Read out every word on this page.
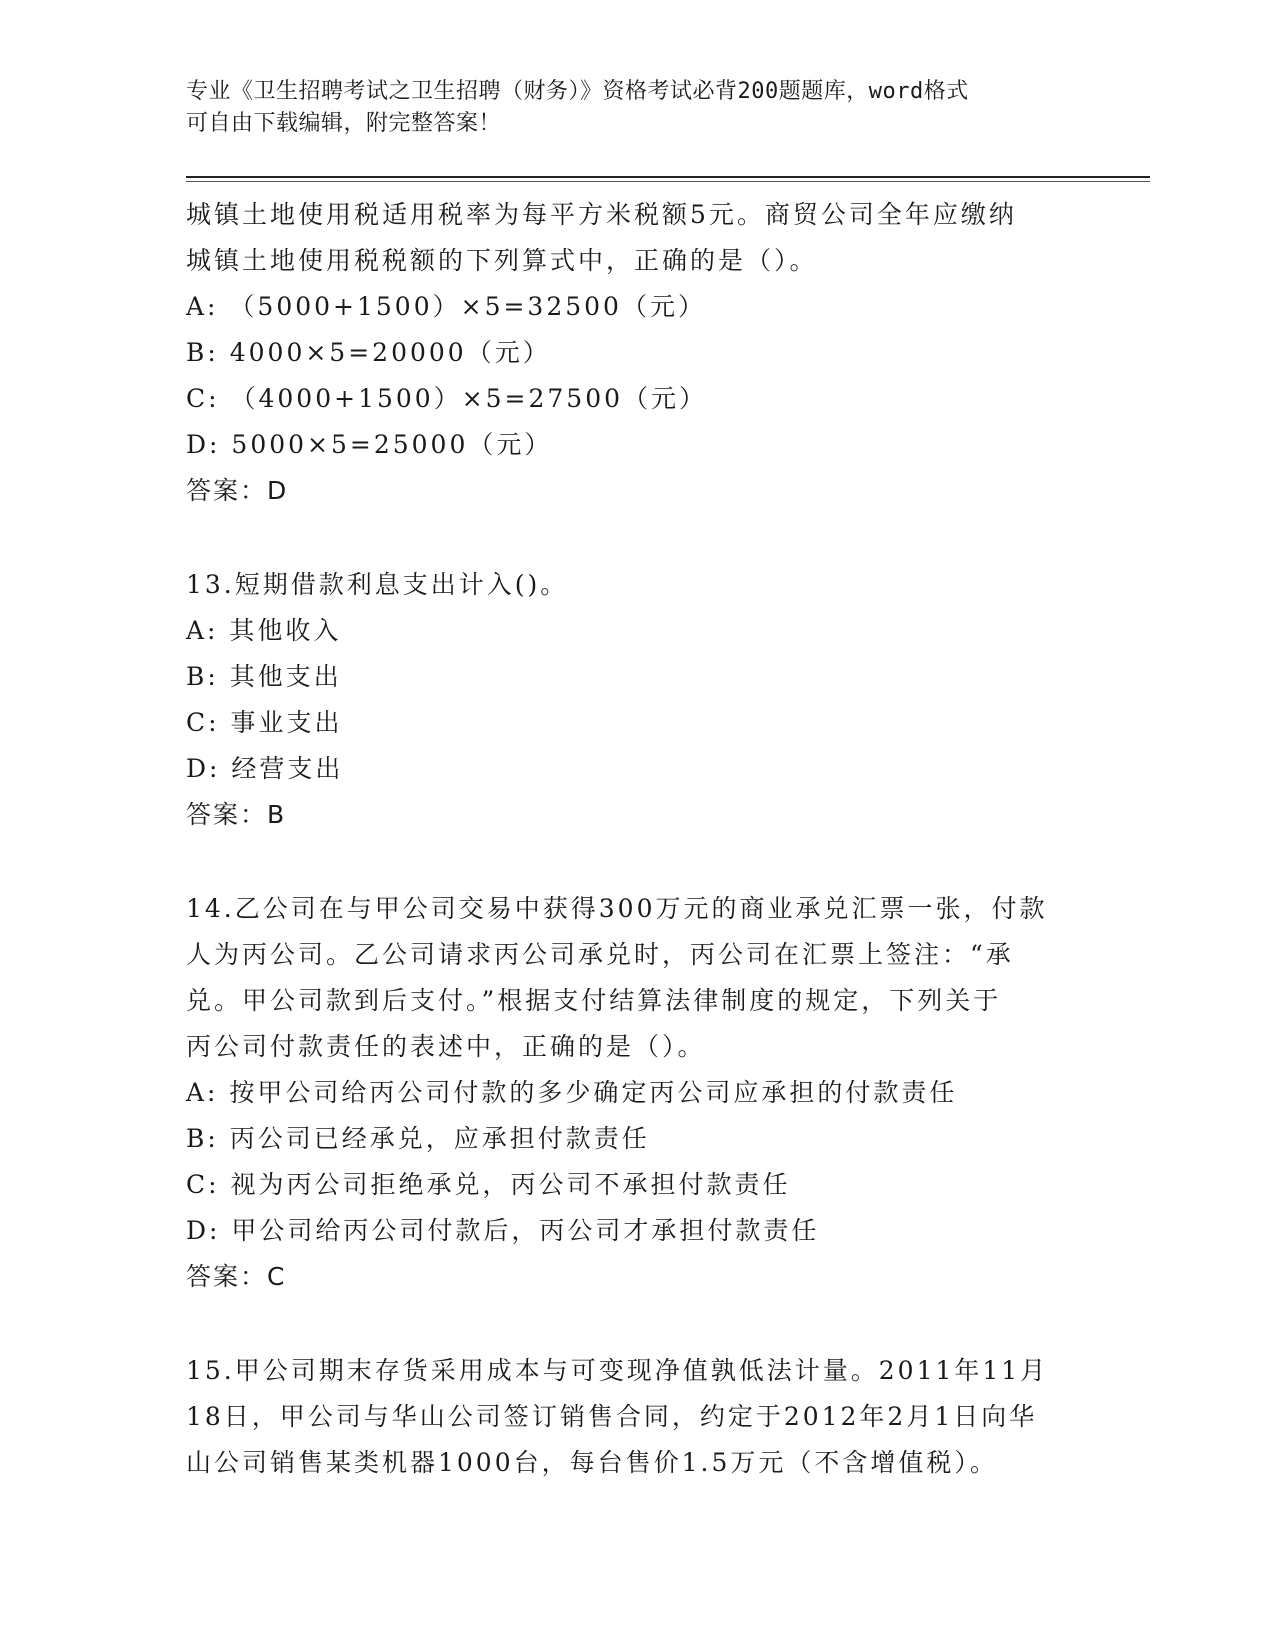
专业《卫生招聘考试之卫生招聘（财务）》资格考试必背200题题库，word格式
可自由下载编辑，附完整答案！
城镇土地使用税适用税率为每平方米税额5元。商贸公司全年应缴纳
城镇土地使用税税额的下列算式中，正确的是（）。
A: （5000+1500）×5=32500（元）
B: 4000×5=20000（元）
C: （4000+1500）×5=27500（元）
D: 5000×5=25000（元）
答案：D
13.短期借款利息支出计入()。
A: 其他收入
B: 其他支出
C: 事业支出
D: 经营支出
答案：B
14.乙公司在与甲公司交易中获得300万元的商业承兑汇票一张，付款
人为丙公司。乙公司请求丙公司承兑时，丙公司在汇票上签注：“承
兑。甲公司款到后支付。”根据支付结算法律制度的规定，下列关于
丙公司付款责任的表述中，正确的是（）。
A: 按甲公司给丙公司付款的多少确定丙公司应承担的付款责任
B: 丙公司已经承兑，应承担付款责任
C: 视为丙公司拒绝承兑，丙公司不承担付款责任
D: 甲公司给丙公司付款后，丙公司才承担付款责任
答案：C
15.甲公司期末存货采用成本与可变现净值孰低法计量。2011年11月
18日，甲公司与华山公司签订销售合同，约定于2012年2月1日向华
山公司销售某类机器1000台，每台售价1.5万元（不含增值税）。
